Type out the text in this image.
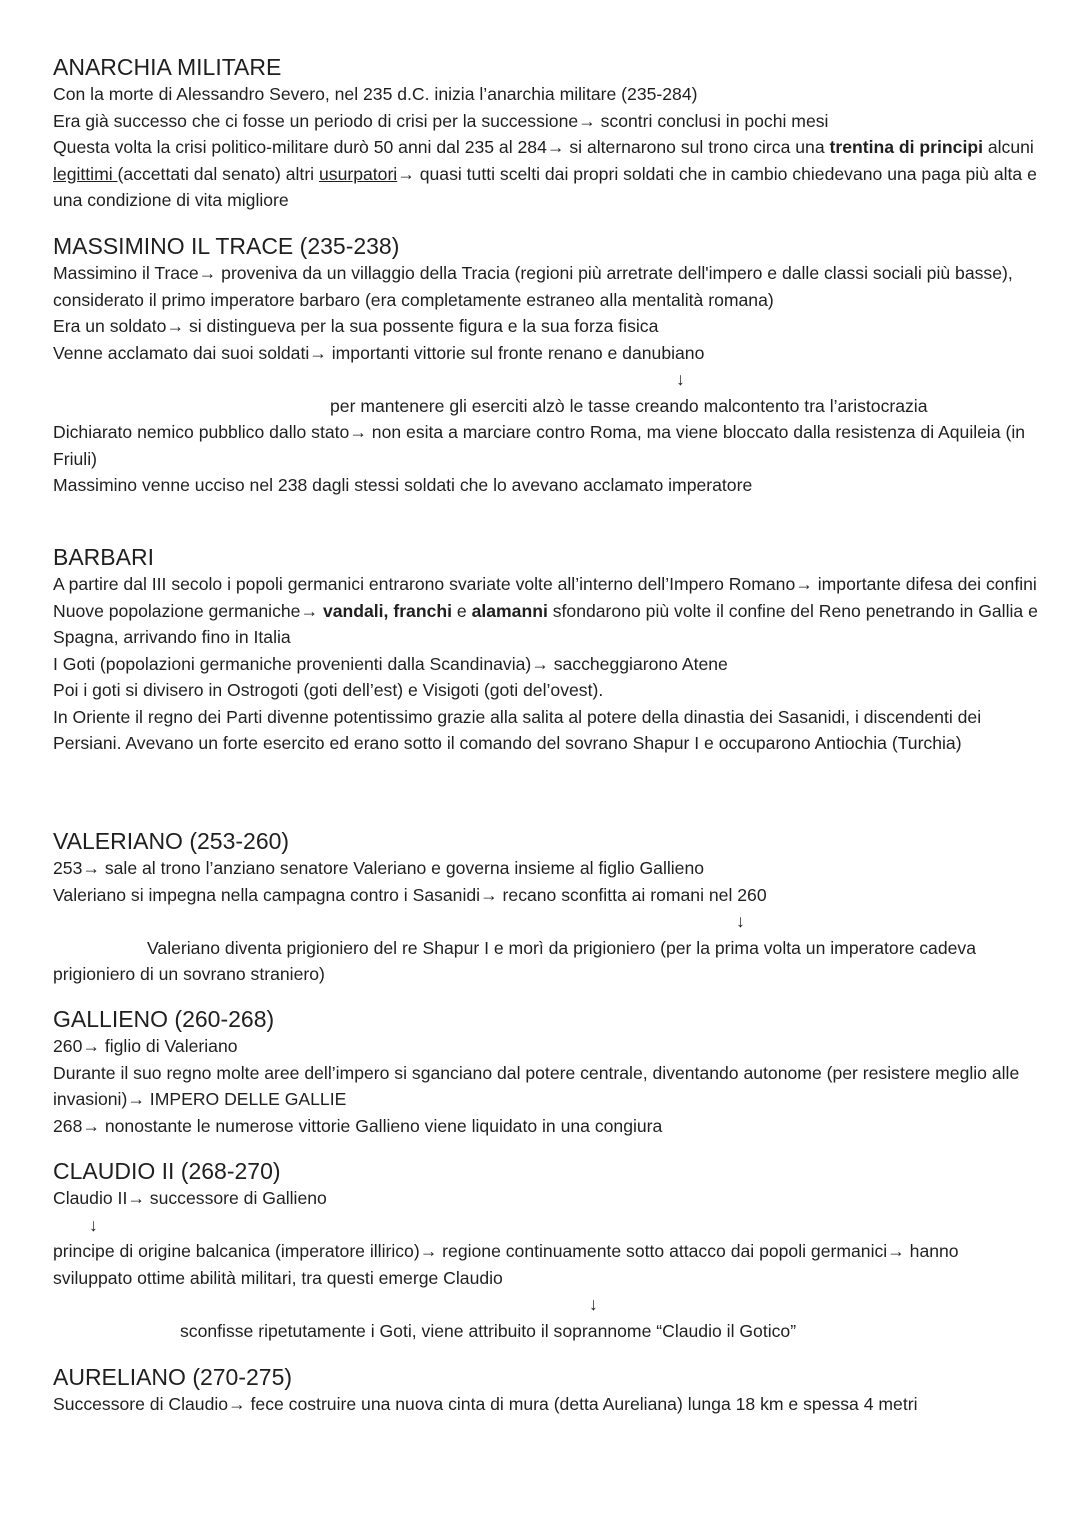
ANARCHIA MILITARE

Con la morte di Alessandro Severo, nel 235 d.C. inizia l’anarchia militare (235-284)

Era già successo che ci fosse un periodo di crisi per la successione→ scontri conclusi in pochi mesi

Questa volta la crisi politico-militare durò 50 anni dal 235 al 284→ si alternarono sul trono circa una trentina di principi alcuni legittimi (accettati dal senato) altri usurpatori→ quasi tutti scelti dai propri soldati che in cambio chiedevano una paga più alta e una condizione di vita migliore

MASSIMINO IL TRACE (235-238)

Massimino il Trace→ proveniva da un villaggio della Tracia (regioni più arretrate dell'impero e dalle classi sociali più basse), considerato il primo imperatore barbaro (era completamente estraneo alla mentalità romana)

Era un soldato→ si distingueva per la sua possente figura e la sua forza fisica

Venne acclamato dai suoi soldati→ importanti vittorie sul fronte renano e danubiano

↓

per mantenere gli eserciti alzò le tasse creando malcontento tra l’aristocrazia

Dichiarato nemico pubblico dallo stato→ non esita a marciare contro Roma, ma viene bloccato dalla resistenza di Aquileia (in Friuli)

Massimino venne ucciso nel 238 dagli stessi soldati che lo avevano acclamato imperatore

BARBARI

A partire dal III secolo i popoli germanici entrarono svariate volte all’interno dell’Impero Romano→ importante difesa dei confini

Nuove popolazione germaniche→ vandali, franchi e alamanni sfondarono più volte il confine del Reno penetrando in Gallia e Spagna, arrivando fino in Italia

I Goti (popolazioni germaniche provenienti dalla Scandinavia)→ saccheggiarono Atene

Poi i goti si divisero in Ostrogoti (goti dell’est) e Visigoti (goti del’ovest).

In Oriente il regno dei Parti divenne potentissimo grazie alla salita al potere della dinastia dei Sasanidi, i discendenti dei Persiani. Avevano un forte esercito ed erano sotto il comando del sovrano Shapur I e occuparono Antiochia (Turchia)

VALERIANO (253-260)

253→ sale al trono l’anziano senatore Valeriano e governa insieme al figlio Gallieno

Valeriano si impegna nella campagna contro i Sasanidi→ recano sconfitta ai romani nel 260

↓

Valeriano diventa prigioniero del re Shapur I e morì da prigioniero (per la prima volta un imperatore cadeva prigioniero di un sovrano straniero)

GALLIENO (260-268)

260→ figlio di Valeriano

Durante il suo regno molte aree dell’impero si sganciano dal potere centrale, diventando autonome (per resistere meglio alle invasioni)→ IMPERO DELLE GALLIE

268→ nonostante le numerose vittorie Gallieno viene liquidato in una congiura

CLAUDIO II (268-270)

Claudio II→ successore di Gallieno

↓

principe di origine balcanica (imperatore illirico)→ regione continuamente sotto attacco dai popoli germanici→ hanno sviluppato ottime abilità militari, tra questi emerge Claudio

↓

sconfisse ripetutamente i Goti, viene attribuito il soprannome “Claudio il Gotico”

AURELIANO (270-275)

Successore di Claudio→ fece costruire una nuova cinta di mura (detta Aureliana) lunga 18 km e spessa 4 metri
